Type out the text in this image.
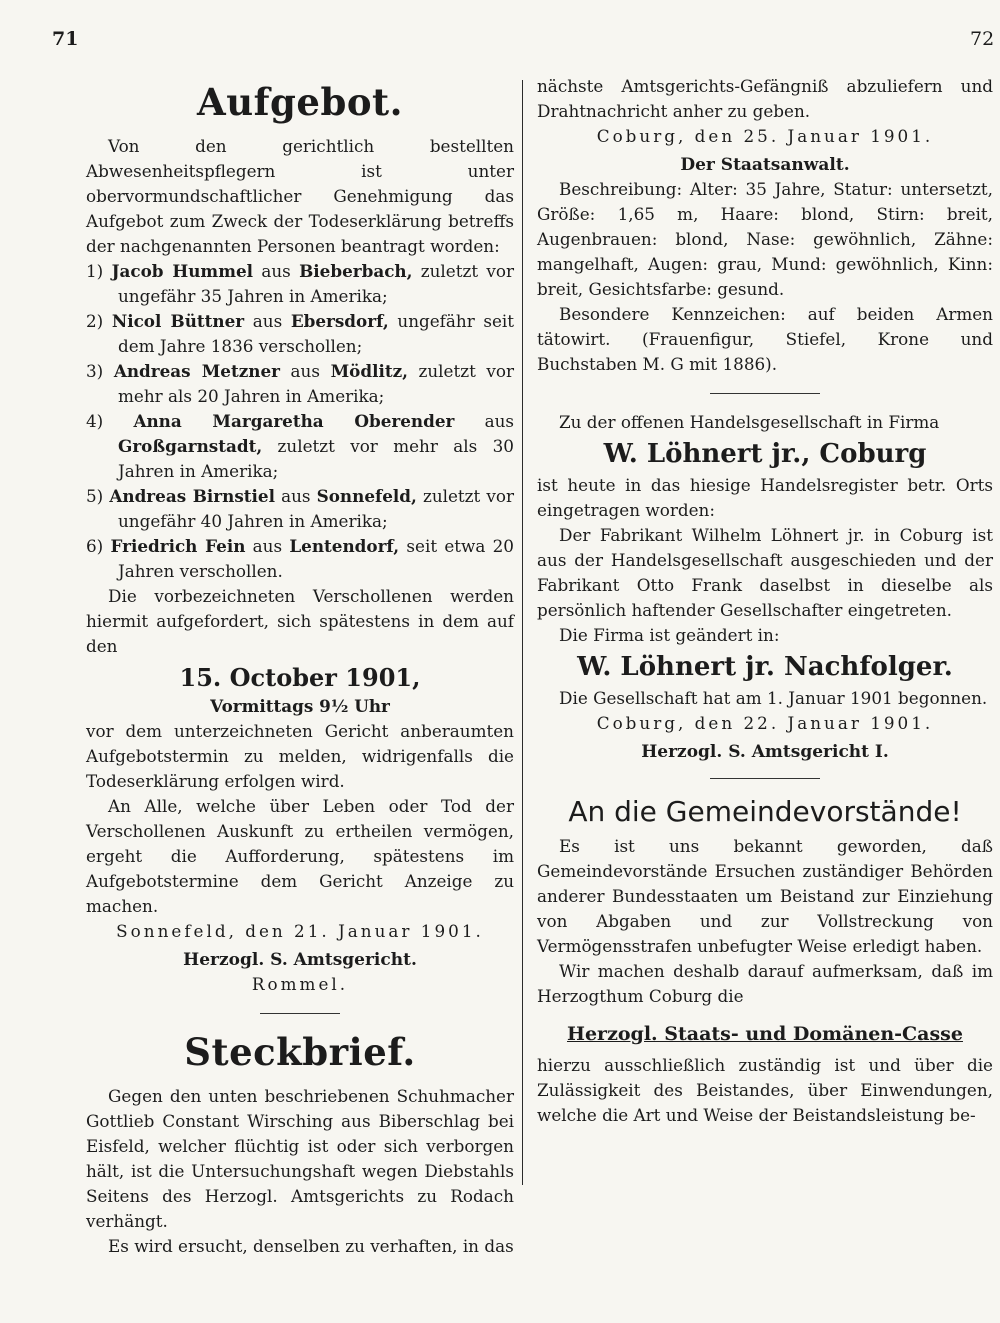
71	72
Aufgebot.

Von den gerichtlich bestellten Abwesenheitspflegern ist unter obervormundschaftlicher Genehmigung das Aufgebot zum Zweck der Todeserklärung betreffs der nachgenannten Personen beantragt worden:

1) Jacob Hummel aus Bieberbach, zuletzt vor ungefähr 35 Jahren in Amerika;

2) Nicol Büttner aus Ebersdorf, ungefähr seit dem Jahre 1836 verschollen;

3) Andreas Metzner aus Mödlitz, zuletzt vor mehr als 20 Jahren in Amerika;

4) Anna Margaretha Oberender aus Großgarnstadt, zuletzt vor mehr als 30 Jahren in Amerika;

5) Andreas Birnstiel aus Sonnefeld, zuletzt vor ungefähr 40 Jahren in Amerika;

6) Friedrich Fein aus Lentendorf, seit etwa 20 Jahren verschollen.

Die vorbezeichneten Verschollenen werden hiermit aufgefordert, sich spätestens in dem auf den

15. October 1901,

Vormittags 9½ Uhr

vor dem unterzeichneten Gericht anberaumten Aufgebotstermin zu melden, widrigenfalls die Todeserklärung erfolgen wird.

An Alle, welche über Leben oder Tod der Verschollenen Auskunft zu ertheilen vermögen, ergeht die Aufforderung, spätestens im Aufgebotstermine dem Gericht Anzeige zu machen.

Sonnefeld, den 21. Januar 1901.

Herzogl. S. Amtsgericht.

Rommel.

Steckbrief.

Gegen den unten beschriebenen Schuhmacher Gottlieb Constant Wirsching aus Biberschlag bei Eisfeld, welcher flüchtig ist oder sich verborgen hält, ist die Untersuchungshaft wegen Diebstahls Seitens des Herzogl. Amtsgerichts zu Rodach verhängt.

Es wird ersucht, denselben zu verhaften, in das

nächste Amtsgerichts-Gefängniß abzuliefern und Drahtnachricht anher zu geben.

Coburg, den 25. Januar 1901.

Der Staatsanwalt.

Beschreibung: Alter: 35 Jahre, Statur: untersetzt, Größe: 1,65 m, Haare: blond, Stirn: breit, Augenbrauen: blond, Nase: gewöhnlich, Zähne: mangelhaft, Augen: grau, Mund: gewöhnlich, Kinn: breit, Gesichtsfarbe: gesund.

Besondere Kennzeichen: auf beiden Armen tätowirt. (Frauenfigur, Stiefel, Krone und Buchstaben M. G mit 1886).

Zu der offenen Handelsgesellschaft in Firma

W. Löhnert jr., Coburg

ist heute in das hiesige Handelsregister betr. Orts eingetragen worden:

Der Fabrikant Wilhelm Löhnert jr. in Coburg ist aus der Handelsgesellschaft ausgeschieden und der Fabrikant Otto Frank daselbst in dieselbe als persönlich haftender Gesellschafter eingetreten.

Die Firma ist geändert in:

W. Löhnert jr. Nachfolger.

Die Gesellschaft hat am 1. Januar 1901 begonnen.

Coburg, den 22. Januar 1901.

Herzogl. S. Amtsgericht I.
An die Gemeindevorstände!

Es ist uns bekannt geworden, daß Gemeindevorstände Ersuchen zuständiger Behörden anderer Bundesstaaten um Beistand zur Einziehung von Abgaben und zur Vollstreckung von Vermögensstrafen unbefugter Weise erledigt haben.

Wir machen deshalb darauf aufmerksam, daß im Herzogthum Coburg die

Herzogl. Staats- und Domänen-Casse

hierzu ausschließlich zuständig ist und über die Zulässigkeit des Beistandes, über Einwendungen, welche die Art und Weise der Beistandsleistung be-
